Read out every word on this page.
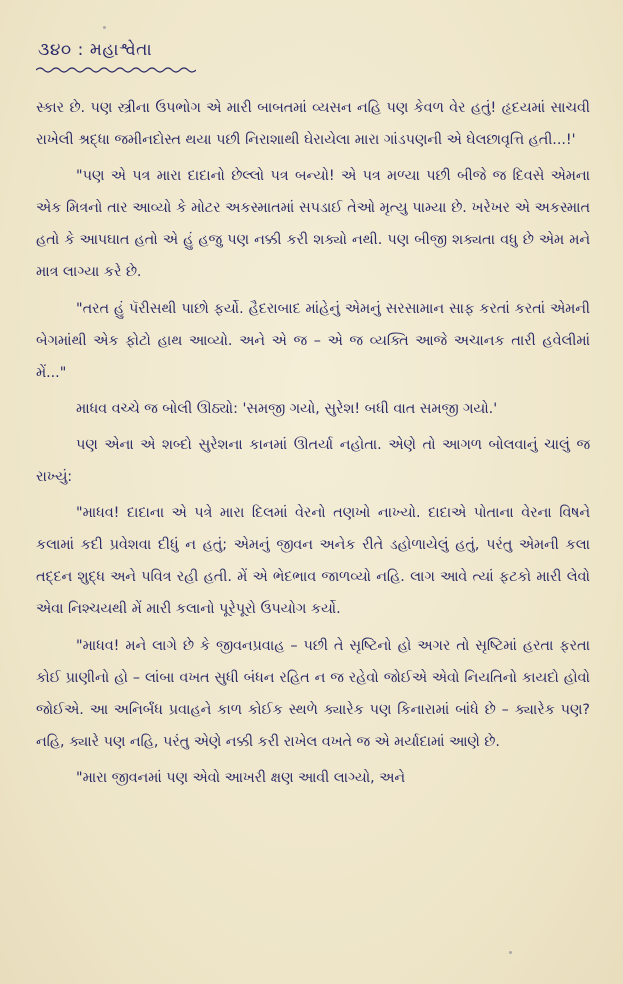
૩૪૦ : મહાશ્વેતા

સ્કાર છે. પણ સ્ત્રીના ઉપભોગ એ મારી બાબતમાં વ્યસન નહિ પણ કેવળ વેર હતું! હૃદયમાં સાચવી રાખેલી શ્રદ્ધા જમીનદોસ્ત થયા પછી નિરાશાથી ઘેરાયેલા મારા ગાંડપણની એ ઘેલછાવૃત્તિ હતી...!'

"પણ એ પત્ર મારા દાદાનો છેલ્લો પત્ર બન્યો! એ પત્ર મળ્યા પછી બીજે જ દિવસે એમના એક મિત્રનો તાર આવ્યો કે મોટર અકસ્માતમાં સપડાઈ તેઓ મૃત્યુ પામ્યા છે. ખરેખર એ અકસ્માત હતો કે આપઘાત હતો એ હું હજુ પણ નક્કી કરી શક્યો નથી. પણ બીજી શક્યતા વધુ છે એમ મને માત્ર લાગ્યા કરે છે.

"તરત હું પૅરીસથી પાછો ફર્યો. હૈદરાબાદ માંહેનું એમનું સરસામાન સાફ કરતાં કરતાં એમની બેગમાંથી એક ફોટો હાથ આવ્યો. અને એ જ – એ જ વ્યક્તિ આજે અચાનક તારી હવેલીમાં મેં..."

માધવ વચ્ચે જ બોલી ઊઠ્યો: 'સમજી ગયો, સુરેશ! બધી વાત સમજી ગયો.'

પણ એના એ શબ્દો સુરેશના કાનમાં ઊતર્યા નહોતા. એણે તો આગળ બોલવાનું ચાલું જ રાખ્યું:

"માધવ! દાદાના એ પત્રે મારા દિલમાં વેરનો તણખો નાખ્યો. દાદાએ પોતાના વેરના વિષને કલામાં કદી પ્રવેશવા દીધું ન હતું; એમનું જીવન અનેક રીતે ડહોળાયેલું હતું, પરંતુ એમની કલા તદ્દન શુદ્ધ અને પવિત્ર રહી હતી. મેં એ ભેદભાવ જાળવ્યો નહિ. લાગ આવે ત્યાં ફટકો મારી લેવો એવા નિશ્ચયથી મેં મારી કલાનો પૂરેપૂરો ઉપયોગ કર્યો.

"માધવ! મને લાગે છે કે જીવનપ્રવાહ – પછી તે સૃષ્ટિનો હો અગર તો સૃષ્ટિમાં હરતા ફરતા કોઈ પ્રાણીનો હો – લાંબા વખત સુધી બંધન રહિત ન જ રહેવો જોઈએ એવો નિયતિનો કાયદો હોવો જોઈએ. આ અનિર્બંધ પ્રવાહને કાળ કોઈક સ્થળે ક્યારેક પણ કિનારામાં બાંધે છે – ક્યારેક પણ? નહિ, ક્યારે પણ નહિ, પરંતુ એણે નક્કી કરી રાખેલ વખતે જ એ મર્યાદામાં આણે છે.

"મારા જીવનમાં પણ એવો આખરી ક્ષણ આવી લાગ્યો, અને
